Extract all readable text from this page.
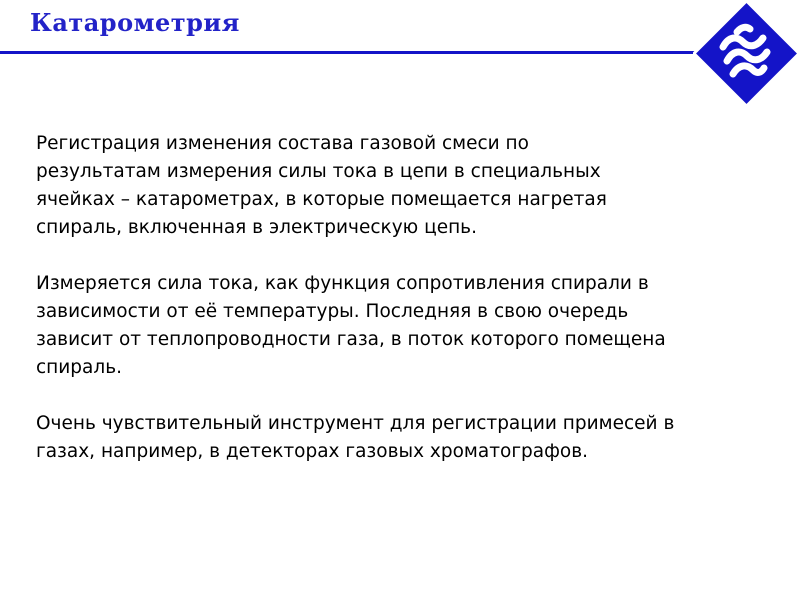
Катарометрия

Регистрация изменения состава газовой смеси по
результатам измерения силы тока в цепи в специальных
ячейках – катарометрах, в которые помещается нагретая
спираль, включенная в электрическую цепь.

Измеряется сила тока, как функция сопротивления спирали в
зависимости от её температуры. Последняя в свою очередь
зависит от теплопроводности газа, в поток которого помещена
спираль.

Очень чувствительный инструмент для регистрации примесей в
газах, например, в детекторах газовых хроматографов.
